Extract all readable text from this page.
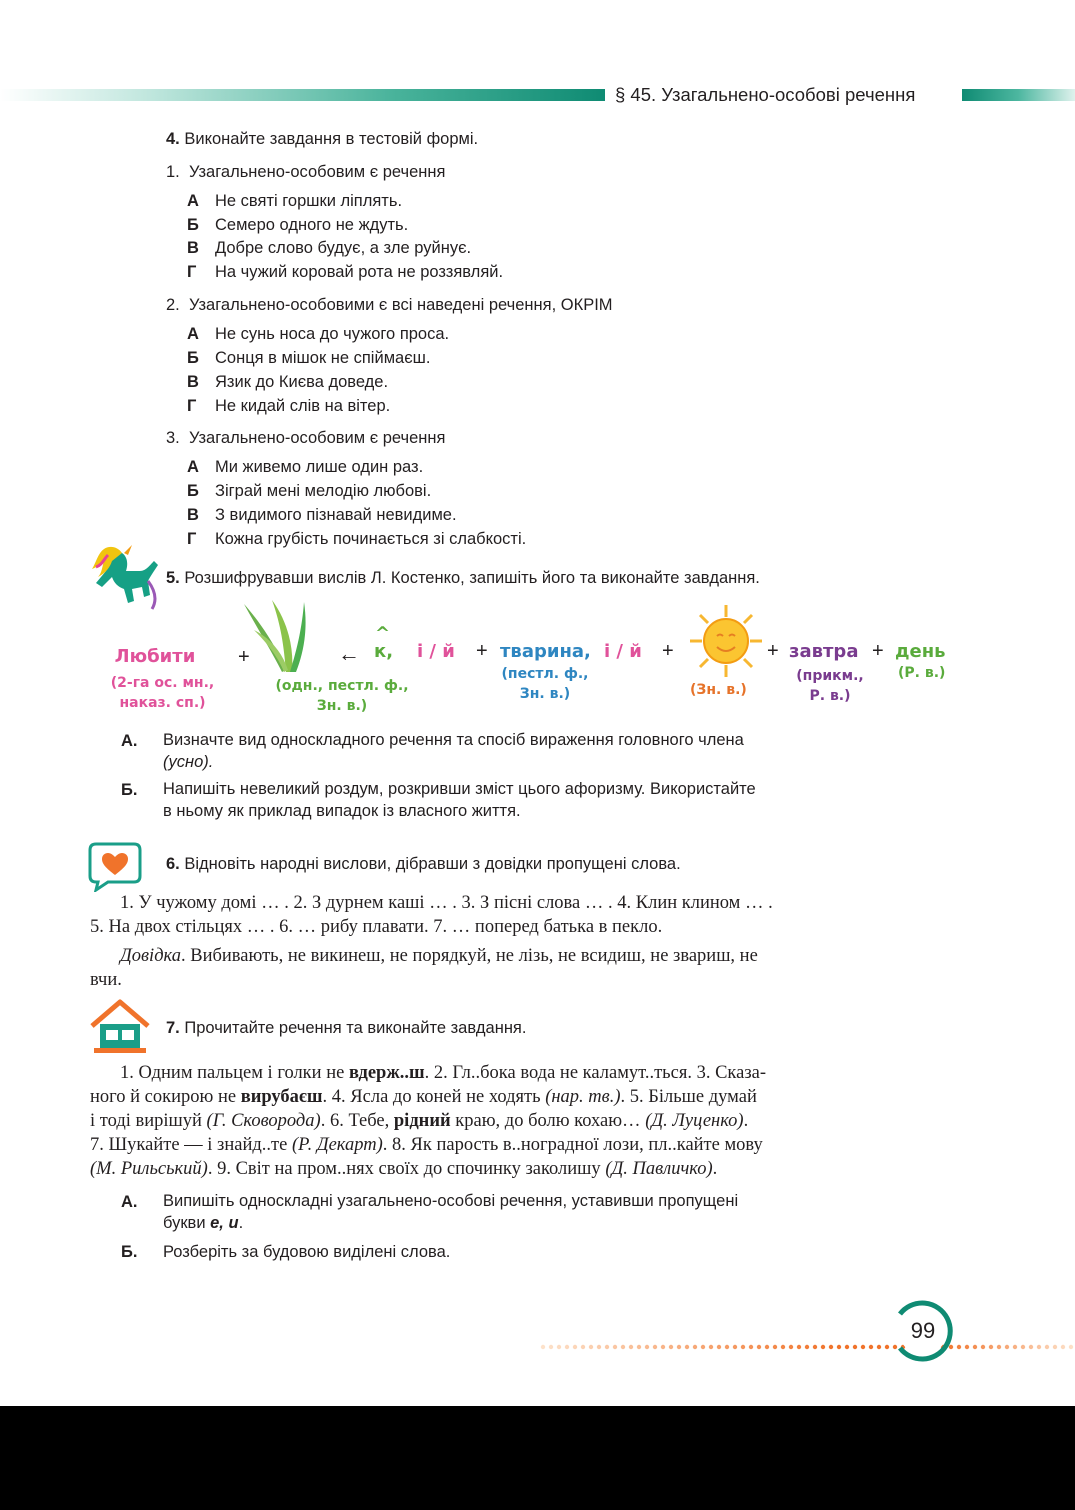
§ 45. Узагальнено-особові речення
4. Виконайте завдання в тестовій формі.
1. Узагальнено-особовим є речення
А Не святі горшки ліплять.
Б Семеро одного не ждуть.
В Добре слово будує, а зле руйнує.
Г На чужий коровай рота не роззявляй.
2. Узагальнено-особовими є всі наведені речення, ОКРІМ
А Не сунь носа до чужого проса.
Б Сонця в мішок не спіймаєш.
В Язик до Києва доведе.
Г Не кидай слів на вітер.
3. Узагальнено-особовим є речення
А Ми живемо лише один раз.
Б Зіграй мені мелодію любові.
В З видимого пізнавай невидиме.
Г Кожна грубість починається зі слабкості.
5. Розшифрувавши вислів Л. Костенко, запишіть його та виконайте завдання.
Любити
(2-га ос. мн.,
наказ. сп.)
+
(одн., пестл. ф.,
Зн. в.)
←
^
к, і / й + тварина, і / й
(пестл. ф.,
Зн. в.)
+
(Зн. в.)
+ завтра
(прикм.,
Р. в.)
+ день
(Р. в.)
А. Визначте вид односкладного речення та спосіб вираження головного члена
(усно).
Б. Напишіть невеликий роздум, розкривши зміст цього афоризму. Використайте
в ньому як приклад випадок із власного життя.
6. Відновіть народні вислови, дібравши з довідки пропущені слова.
1. У чужому домі … . 2. З дурнем каші … . 3. З пісні слова … . 4. Клин клином … .
5. На двох стільцях … . 6. … рибу плавати. 7. … поперед батька в пекло.
Довідка. Вибивають, не викинеш, не порядкуй, не лізь, не всидиш, не звариш, не
вчи.
7. Прочитайте речення та виконайте завдання.
1. Одним пальцем і голки не вдерж..ш. 2. Гл..бока вода не каламут..ться. 3. Сказа-
ного й сокирою не вирубаєш. 4. Ясла до коней не ходять (нар. тв.). 5. Більше думай
і тоді вирішуй (Г. Сковорода). 6. Тебе, рідний краю, до болю кохаю… (Д. Луценко).
7. Шукайте — і знайд..те (Р. Декарт). 8. Як парость в..ноградної лози, пл..кайте мову
(М. Рильський). 9. Світ на пром..нях своїх до спочинку заколишу (Д. Павличко).
А. Випишіть односкладні узагальнено-особові речення, уставивши пропущені
букви е, и.
Б. Розберіть за будовою виділені слова.
99
